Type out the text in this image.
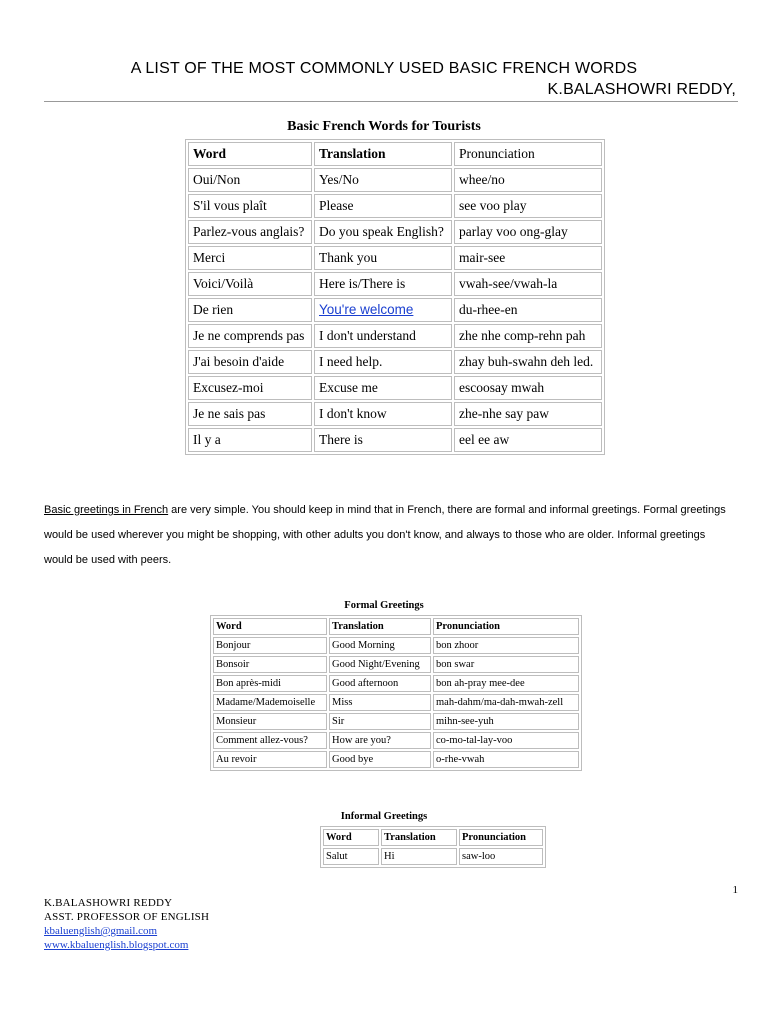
A LIST OF THE MOST COMMONLY USED BASIC FRENCH WORDS
K.BALASHOWRI REDDY,
Basic French Words for Tourists
Word	Translation	Pronunciation
Oui/Non	Yes/No	whee/no
S'il vous plaît	Please	see voo play
Parlez-vous anglais?	Do you speak English?	parlay voo ong-glay
Merci	Thank you	mair-see
Voici/Voilà	Here is/There is	vwah-see/vwah-la
De rien	You're welcome	du-rhee-en
Je ne comprends pas	I don't understand	zhe nhe comp-rehn pah
J'ai besoin d'aide	I need help.	zhay buh-swahn deh led.
Excusez-moi	Excuse me	escoosay mwah
Je ne sais pas	I don't know	zhe-nhe say paw
Il y a	There is	eel ee aw
Basic greetings in French are very simple. You should keep in mind that in French, there are formal and informal greetings. Formal greetings would be used wherever you might be shopping, with other adults you don't know, and always to those who are older. Informal greetings would be used with peers.
Formal Greetings
Word	Translation	Pronunciation
Bonjour	Good Morning	bon zhoor
Bonsoir	Good Night/Evening	bon swar
Bon après-midi	Good afternoon	bon ah-pray mee-dee
Madame/Mademoiselle	Miss	mah-dahm/ma-dah-mwah-zell
Monsieur	Sir	mihn-see-yuh
Comment allez-vous?	How are you?	co-mo-tal-lay-voo
Au revoir	Good bye	o-rhe-vwah
Informal Greetings
Word	Translation	Pronunciation
Salut	Hi	saw-loo
1
K.BALASHOWRI REDDY
ASST. PROFESSOR OF ENGLISH
kbaluenglish@gmail.com
www.kbaluenglish.blogspot.com
